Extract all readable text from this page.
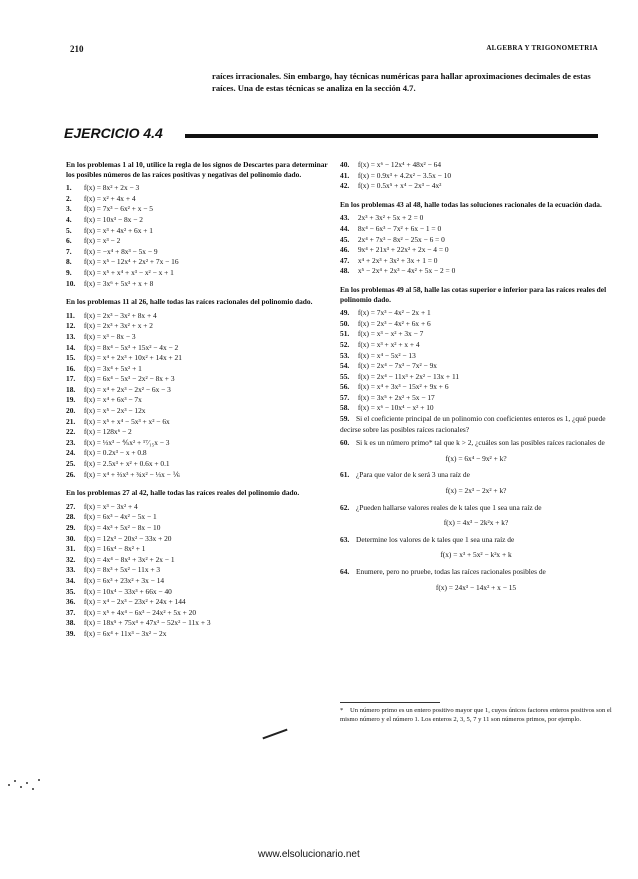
210	ALGEBRA Y TRIGONOMETRIA
raíces irracionales. Sin embargo, hay técnicas numéricas para hallar aproximaciones decimales de estas raíces. Una de estas técnicas se analiza en la sección 4.7.
EJERCICIO 4.4

En los problemas 1 al 10, utilice la regla de los signos de Descartes para determinar los posibles números de las raíces positivas y negativas del polinomio dado.

1. f(x) = 8x² + 2x − 3
2. f(x) = x² + 4x + 4
3. f(x) = 7x³ − 6x² + x − 5
4. f(x) = 10x³ − 8x − 2
5. f(x) = x³ + 4x² + 6x + 1
6. f(x) = x³ − 2
7. f(x) = −x⁴ + 8x³ − 5x − 9
8. f(x) = x⁵ − 12x⁴ + 2x² + 7x − 16
9. f(x) = x⁵ + x⁴ + x³ − x² − x + 1
10. f(x) = 3x⁶ + 5x³ + x + 8

En los problemas 11 al 26, halle todas las raíces racionales del polinomio dado.

11. f(x) = 2x³ − 3x² + 8x + 4
12. f(x) = 2x³ + 3x² + x + 2
13. f(x) = x³ − 8x − 3
14. f(x) = 8x⁴ − 5x³ + 15x² − 4x − 2
15. f(x) = x⁴ + 2x³ + 10x² + 14x + 21
16. f(x) = 3x⁴ + 5x² + 1
17. f(x) = 6x⁴ − 5x³ − 2x² − 8x + 3
18. f(x) = x⁴ + 2x³ − 2x² − 6x − 3
19. f(x) = x⁴ + 6x³ − 7x
20. f(x) = x⁵ − 2x³ − 12x
21. f(x) = x⁵ + x⁴ − 5x³ + x² − 6x
22. f(x) = 128x⁶ − 2
23. f(x) = ⅓x³ − ⅘x² + ¹⁷⁄₁₅x − 3
24. f(x) = 0.2x³ − x + 0.8
25. f(x) = 2.5x³ + x² + 0.6x + 0.1
26. f(x) = x⁴ + ⅔x³ + ¾x² − ⅓x − ⅙

En los problemas 27 al 42, halle todas las raíces reales del polinomio dado.

27. f(x) = x³ − 3x² + 4
28. f(x) = 6x³ − 4x² − 5x − 1
29. f(x) = 4x³ + 5x² − 8x − 10
30. f(x) = 12x³ − 20x² − 33x + 20
31. f(x) = 16x⁴ − 8x² + 1
32. f(x) = 4x⁴ − 8x³ + 3x² + 2x − 1
33. f(x) = 8x³ + 5x² − 11x + 3
34. f(x) = 6x³ + 23x² + 3x − 14
35. f(x) = 10x⁴ − 33x³ + 66x − 40
36. f(x) = x⁴ − 2x³ − 23x² + 24x + 144
37. f(x) = x⁵ + 4x⁴ − 6x³ − 24x² + 5x + 20
38. f(x) = 18x⁵ + 75x⁴ + 47x³ − 52x² − 11x + 3
39. f(x) = 6x⁴ + 11x³ − 3x² − 2x
40. f(x) = x⁶ − 12x⁴ + 48x² − 64
41. f(x) = 0.9x³ + 4.2x² − 3.5x − 10
42. f(x) = 0.5x⁵ + x⁴ − 2x³ − 4x²

En los problemas 43 al 48, halle todas las soluciones racionales de la ecuación dada.

43. 2x³ + 3x² + 5x + 2 = 0
44. 8x⁴ − 6x³ − 7x² + 6x − 1 = 0
45. 2x⁴ + 7x³ − 8x² − 25x − 6 = 0
46. 9x⁴ + 21x³ + 22x² + 2x − 4 = 0
47. x⁴ + 2x³ + 3x² + 3x + 1 = 0
48. x⁵ − 2x⁴ + 2x³ − 4x² + 5x − 2 = 0

En los problemas 49 al 58, halle las cotas superior e inferior para las raíces reales del polinomio dado.

49. f(x) = 7x³ − 4x² − 2x + 1
50. f(x) = 2x³ − 4x² + 6x + 6
51. f(x) = x³ − x² + 3x − 7
52. f(x) = x³ + x² + x + 4
53. f(x) = x⁴ − 5x² − 13
54. f(x) = 2x⁴ − 7x³ − 7x² − 9x
55. f(x) = 2x⁴ − 11x³ + 2x² − 13x + 11
56. f(x) = x⁴ + 3x³ − 15x² + 9x + 6
57. f(x) = 3x⁵ + 2x² + 5x − 17
58. f(x) = x⁶ − 10x⁴ − x² + 10

59. Si el coeficiente principal de un polinomio con coeficientes enteros es 1, ¿qué puede decirse sobre las posibles raíces racionales?

60. Si k es un número primo* tal que k > 2, ¿cuáles son las posibles raíces racionales de

f(x) = 6x⁴ − 9x² + k?

61. ¿Para que valor de k será 3 una raíz de

f(x) = 2x³ − 2x² + k?

62. ¿Pueden hallarse valores reales de k tales que 1 sea una raíz de

f(x) = 4x³ − 2k²x + k?

63. Determine los valores de k tales que 1 sea una raíz de

f(x) = x³ + 5x² − k²x + k

64. Enumere, pero no pruebe, todas las raíces racionales posibles de

f(x) = 24x³ − 14x² + x − 15
* Un número primo es un entero positivo mayor que 1, cuyos únicos factores enteros positivos son el mismo número y el número 1. Los enteros 2, 3, 5, 7 y 11 son números primos, por ejemplo.
www.elsolucionario.net
